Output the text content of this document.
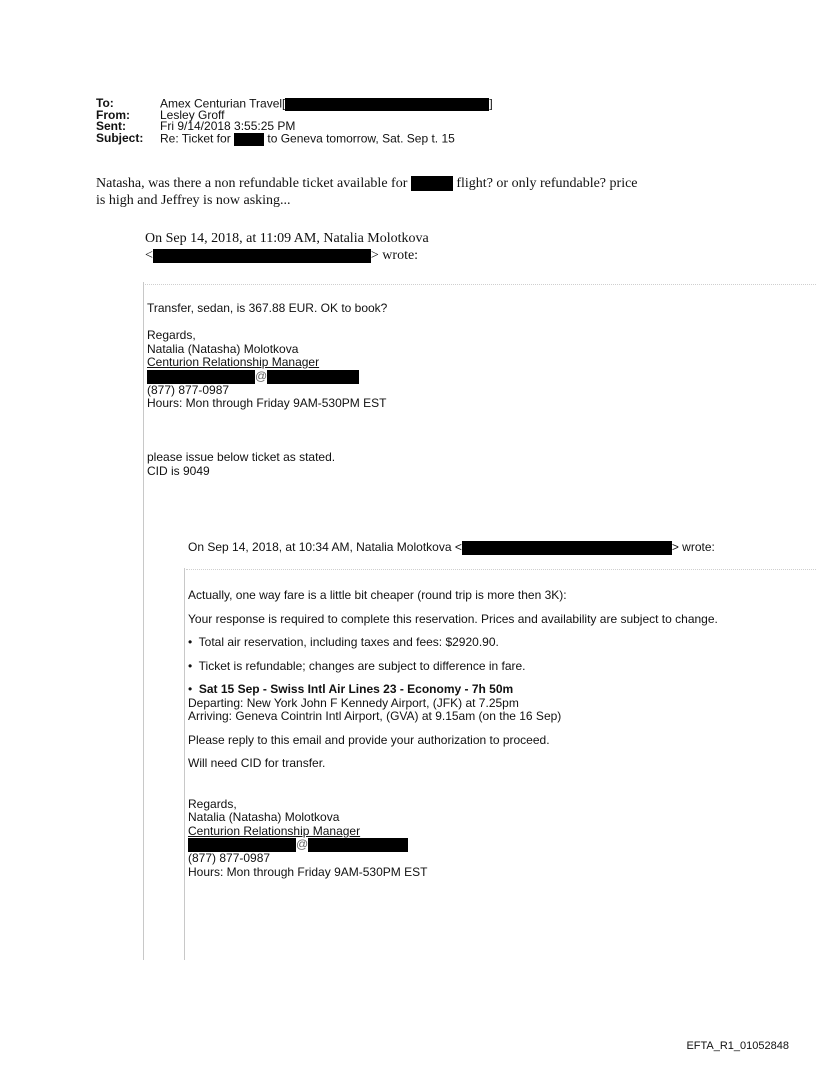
To:	Amex Centurian Travel[	]
From:	Lesley Groff
Sent:	Fri 9/14/2018 3:55:25 PM
Subject: Re: Ticket for	to Geneva tomorrow, Sat. Sep t. 15
Natasha, was there a non refundable ticket available for	flight? or only refundable? price
is high and Jeffrey is now asking...
On Sep 14, 2018, at 11:09 AM, Natalia Molotkova
<	> wrote:
Transfer, sedan, is 367.88 EUR. OK to book?
Regards,
Natalia (Natasha) Molotkova
Centurion Relationship Manager
@
(877) 877-0987
Hours: Mon through Friday 9AM-530PM EST
please issue below ticket as stated.
CID is 9049
On Sep 14, 2018, at 10:34 AM, Natalia Molotkova <	> wrote:
Actually, one way fare is a little bit cheaper (round trip is more then 3K):
Your response is required to complete this reservation. Prices and availability are subject to change.
• Total air reservation, including taxes and fees: $2920.90.
• Ticket is refundable; changes are subject to difference in fare.
• Sat 15 Sep - Swiss Intl Air Lines 23 - Economy - 7h 50m
Departing: New York John F Kennedy Airport, (JFK) at 7.25pm
Arriving: Geneva Cointrin Intl Airport, (GVA) at 9.15am (on the 16 Sep)
Please reply to this email and provide your authorization to proceed.
Will need CID for transfer.
Regards,
Natalia (Natasha) Molotkova
Centurion Relationship Manager
@
(877) 877-0987
Hours: Mon through Friday 9AM-530PM EST
EFTA_R1_01052848
